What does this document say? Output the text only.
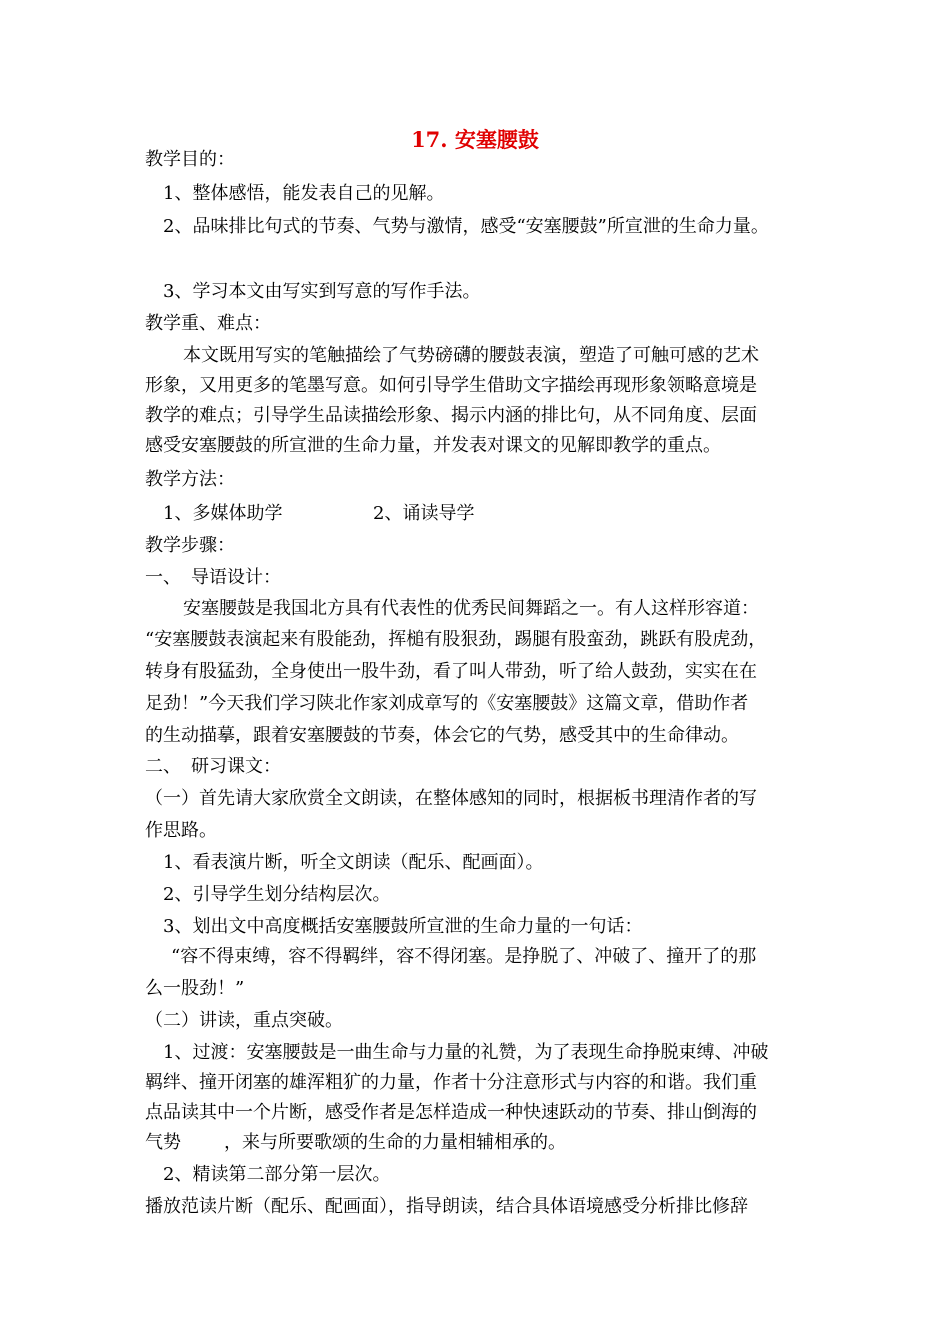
17. 安塞腰鼓
教学目的：
1、整体感悟，能发表自己的见解。
2、品味排比句式的节奏、气势与激情，感受“安塞腰鼓”所宣泄的生命力量。
3、学习本文由写实到写意的写作手法。
教学重、难点：
本文既用写实的笔触描绘了气势磅礴的腰鼓表演，塑造了可触可感的艺术
形象，又用更多的笔墨写意。如何引导学生借助文字描绘再现形象领略意境是
教学的难点；引导学生品读描绘形象、揭示内涵的排比句，从不同角度、层面
感受安塞腰鼓的所宣泄的生命力量，并发表对课文的见解即教学的重点。
教学方法：
1、多媒体助学	2、诵读导学
教学步骤：
一、 导语设计：
安塞腰鼓是我国北方具有代表性的优秀民间舞蹈之一。有人这样形容道：
“安塞腰鼓表演起来有股能劲，挥槌有股狠劲，踢腿有股蛮劲，跳跃有股虎劲，
转身有股猛劲，全身使出一股牛劲，看了叫人带劲，听了给人鼓劲，实实在在
足劲！”今天我们学习陕北作家刘成章写的《安塞腰鼓》这篇文章，借助作者
的生动描摹，跟着安塞腰鼓的节奏，体会它的气势，感受其中的生命律动。
二、 研习课文：
（一）首先请大家欣赏全文朗读，在整体感知的同时，根据板书理清作者的写
作思路。
1、看表演片断，听全文朗读（配乐、配画面）。
2、引导学生划分结构层次。
3、划出文中高度概括安塞腰鼓所宣泄的生命力量的一句话：
“容不得束缚，容不得羁绊，容不得闭塞。是挣脱了、冲破了、撞开了的那
么一股劲！”
（二）讲读，重点突破。
1、过渡：安塞腰鼓是一曲生命与力量的礼赞，为了表现生命挣脱束缚、冲破
羁绊、撞开闭塞的雄浑粗犷的力量，作者十分注意形式与内容的和谐。我们重
点品读其中一个片断，感受作者是怎样造成一种快速跃动的节奏、排山倒海的
气势 ，来与所要歌颂的生命的力量相辅相承的。
2、精读第二部分第一层次。
播放范读片断（配乐、配画面），指导朗读，结合具体语境感受分析排比修辞
